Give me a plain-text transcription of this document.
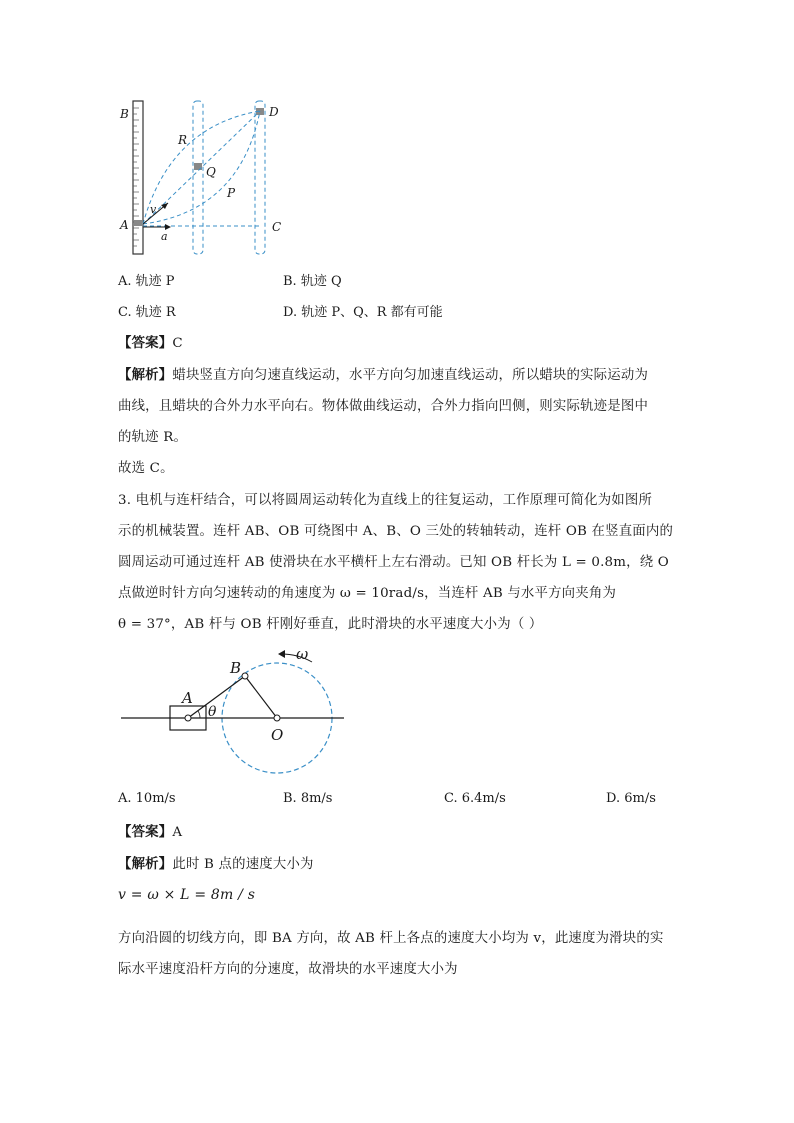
B	D
R
Q
P
v
A
a
C
A. 轨迹 P	B. 轨迹 Q
C. 轨迹 R	D. 轨迹 P、Q、R 都有可能
【答案】C
【解析】蜡块竖直方向匀速直线运动，水平方向匀加速直线运动，所以蜡块的实际运动为
曲线，且蜡块的合外力水平向右。物体做曲线运动，合外力指向凹侧，则实际轨迹是图中
的轨迹 R。
故选 C。
3. 电机与连杆结合，可以将圆周运动转化为直线上的往复运动，工作原理可简化为如图所
示的机械装置。连杆 AB、OB 可绕图中 A、B、O 三处的转轴转动，连杆 OB 在竖直面内的
圆周运动可通过连杆 AB 使滑块在水平横杆上左右滑动。已知 OB 杆长为 L = 0.8m，绕 O
点做逆时针方向匀速转动的角速度为 ω = 10rad/s，当连杆 AB 与水平方向夹角为
θ = 37°，AB 杆与 OB 杆刚好垂直，此时滑块的水平速度大小为（ ）
B
A
θ
O
ω
A. 10m/s	B. 8m/s	C. 6.4m/s	D. 6m/s
【答案】A
【解析】此时 B 点的速度大小为
v = ω × L = 8m / s
方向沿圆的切线方向，即 BA 方向，故 AB 杆上各点的速度大小均为 v，此速度为滑块的实
际水平速度沿杆方向的分速度，故滑块的水平速度大小为
